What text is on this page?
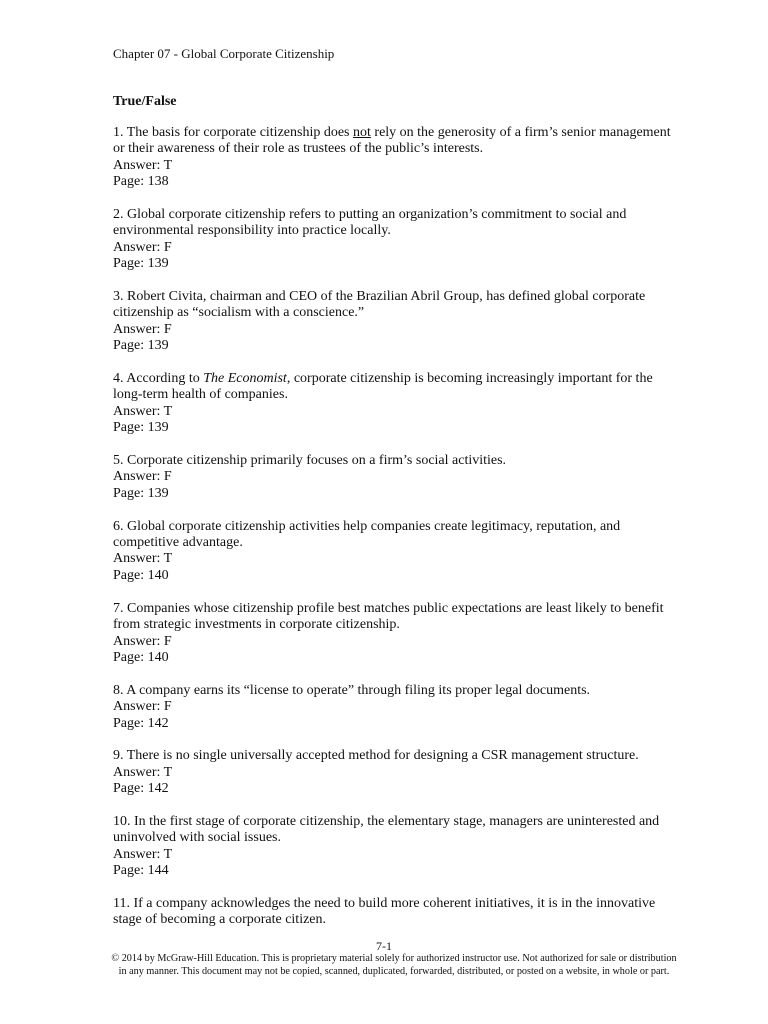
Chapter 07 - Global Corporate Citizenship
True/False
1. The basis for corporate citizenship does not rely on the generosity of a firm’s senior management or their awareness of their role as trustees of the public’s interests.
Answer: T
Page: 138
2. Global corporate citizenship refers to putting an organization’s commitment to social and environmental responsibility into practice locally.
Answer: F
Page: 139
3. Robert Civita, chairman and CEO of the Brazilian Abril Group, has defined global corporate citizenship as “socialism with a conscience.”
Answer: F
Page: 139
4. According to The Economist, corporate citizenship is becoming increasingly important for the long-term health of companies.
Answer: T
Page: 139
5. Corporate citizenship primarily focuses on a firm’s social activities.
Answer: F
Page: 139
6. Global corporate citizenship activities help companies create legitimacy, reputation, and competitive advantage.
Answer: T
Page: 140
7. Companies whose citizenship profile best matches public expectations are least likely to benefit from strategic investments in corporate citizenship.
Answer: F
Page: 140
8. A company earns its “license to operate” through filing its proper legal documents.
Answer: F
Page: 142
9. There is no single universally accepted method for designing a CSR management structure.
Answer: T
Page: 142
10. In the first stage of corporate citizenship, the elementary stage, managers are uninterested and uninvolved with social issues.
Answer: T
Page: 144
11. If a company acknowledges the need to build more coherent initiatives, it is in the innovative stage of becoming a corporate citizen.
7-1
© 2014 by McGraw-Hill Education. This is proprietary material solely for authorized instructor use. Not authorized for sale or distribution in any manner. This document may not be copied, scanned, duplicated, forwarded, distributed, or posted on a website, in whole or part.
